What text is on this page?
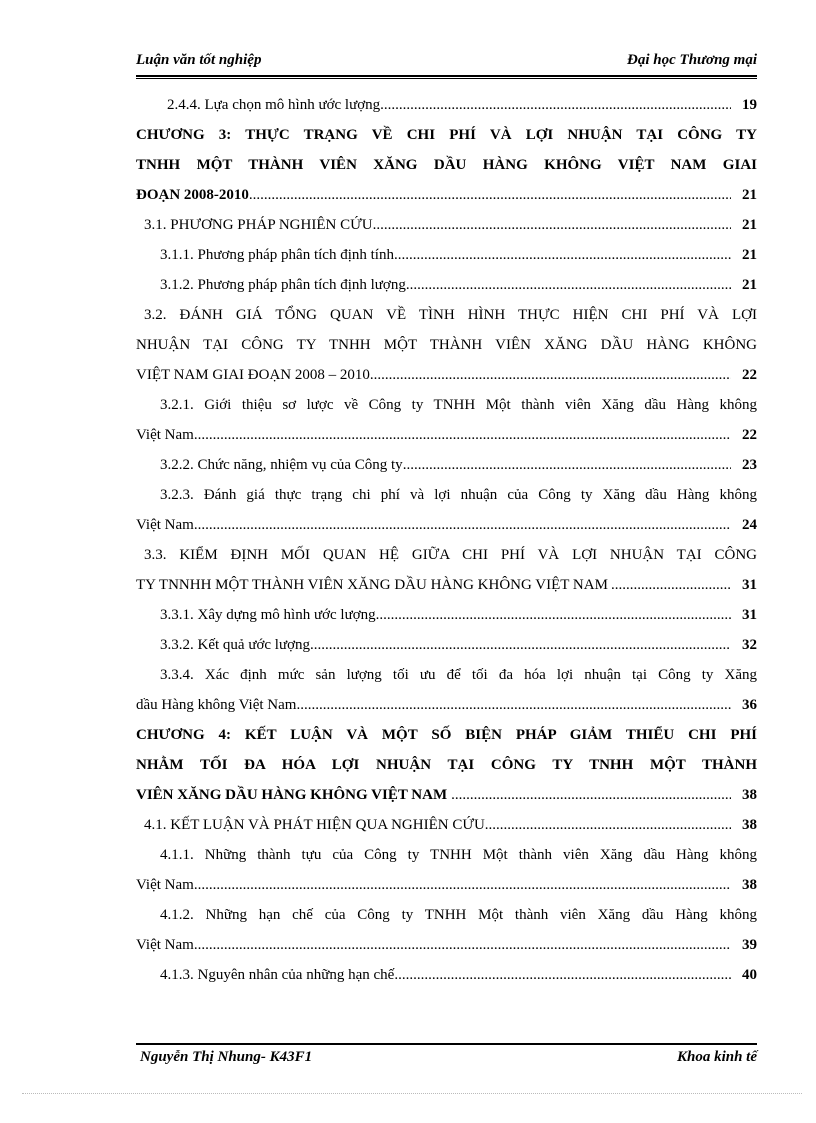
Luận văn tốt nghiệp	Đại học Thương mại
2.4.4. Lựa chọn mô hình ước lượng .....	19
CHƯƠNG 3: THỰC TRẠNG VỀ CHI PHÍ VÀ LỢI NHUẬN TẠI CÔNG TY
TNHH MỘT THÀNH VIÊN XĂNG DẦU HÀNG KHÔNG VIỆT NAM GIAI
ĐOẠN 2008-2010 .....	21
3.1. PHƯƠNG PHÁP NGHIÊN CỨU .....	21
3.1.1. Phương pháp phân tích định tính .....	21
3.1.2. Phương pháp phân tích định lượng .....	21
3.2. ĐÁNH GIÁ TỔNG QUAN VỀ TÌNH HÌNH THỰC HIỆN CHI PHÍ VÀ LỢI
NHUẬN TẠI CÔNG TY TNHH MỘT THÀNH VIÊN XĂNG DẦU HÀNG KHÔNG
VIỆT NAM GIAI ĐOẠN 2008 – 2010. .....	22
3.2.1. Giới thiệu sơ lược về Công ty TNHH Một thành viên Xăng dầu Hàng không
Việt Nam .....	22
3.2.2. Chức năng, nhiệm vụ của Công ty .....	23
3.2.3. Đánh giá thực trạng chi phí và lợi nhuận của Công ty Xăng dầu Hàng không
Việt Nam .....	24
3.3. KIỂM ĐỊNH MỐI QUAN HỆ GIỮA CHI PHÍ VÀ LỢI NHUẬN TẠI CÔNG
TY TNNHH MỘT THÀNH VIÊN XĂNG DẦU HÀNG KHÔNG VIỆT NAM .....	31
3.3.1. Xây dựng mô hình ước lượng .....	31
3.3.2. Kết quả ước lượng .....	32
3.3.4. Xác định mức sản lượng tối ưu để tối đa hóa lợi nhuận tại Công ty Xăng
dầu Hàng không Việt Nam .....	36
CHƯƠNG 4: KẾT LUẬN VÀ MỘT SỐ BIỆN PHÁP GIẢM THIỂU CHI PHÍ
NHẰM TỐI ĐA HÓA LỢI NHUẬN TẠI CÔNG TY TNHH MỘT THÀNH
VIÊN XĂNG DẦU HÀNG KHÔNG VIỆT NAM .....	38
4.1. KẾT LUẬN VÀ PHÁT HIỆN QUA NGHIÊN CỨU .....	38
4.1.1. Những thành tựu của Công ty TNHH Một thành viên Xăng dầu Hàng không
Việt Nam .....	38
4.1.2. Những hạn chế của Công ty TNHH Một thành viên Xăng dầu Hàng không
Việt Nam .....	39
4.1.3. Nguyên nhân của những hạn chế .....	40
Nguyễn Thị Nhung- K43F1	Khoa kinh tế
